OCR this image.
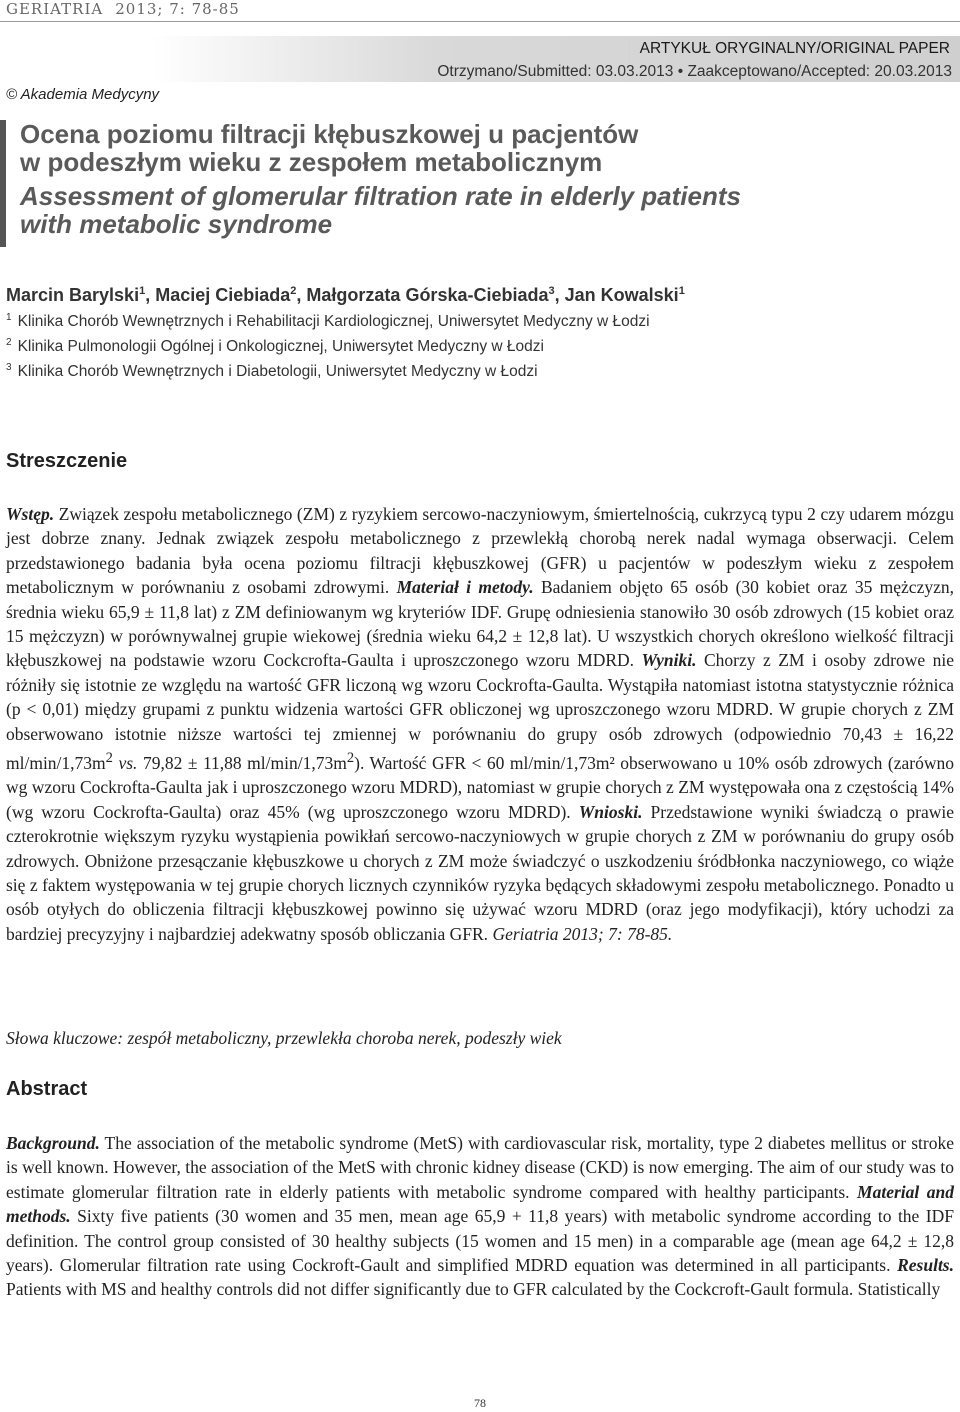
GERIATRIA 2013; 7: 78-85
ARTYKUŁ ORYGINALNY/ORIGINAL PAPER
Otrzymano/Submitted: 03.03.2013 • Zaakceptowano/Accepted: 20.03.2013
© Akademia Medycyny
Ocena poziomu filtracji kłębuszkowej u pacjentów
w podeszłym wieku z zespołem metabolicznym
Assessment of glomerular filtration rate in elderly patients
with metabolic syndrome
Marcin Barylski$^1$, Maciej Ciebiada$^2$, Małgorzata Górska-Ciebiada$^3$, Jan Kowalski$^1$
$^1$ Klinika Chorób Wewnętrznych i Rehabilitacji Kardiologicznej, Uniwersytet Medyczny w Łodzi
$^2$ Klinika Pulmonologii Ogólnej i Onkologicznej, Uniwersytet Medyczny w Łodzi
$^3$ Klinika Chorób Wewnętrznych i Diabetologii, Uniwersytet Medyczny w Łodzi
Streszczenie
Wstęp. Związek zespołu metabolicznego (ZM) z ryzykiem sercowo-naczyniowym, śmiertelnością, cukrzycą typu 2 czy udarem mózgu jest dobrze znany. Jednak związek zespołu metabolicznego z przewlekłą chorobą nerek nadal wymaga obserwacji. Celem przedstawionego badania była ocena poziomu filtracji kłębuszkowej (GFR) u pacjentów w podeszłym wieku z zespołem metabolicznym w porównaniu z osobami zdrowymi. Materiał i metody. Badaniem objęto 65 osób (30 kobiet oraz 35 mężczyzn, średnia wieku 65,9 ± 11,8 lat) z ZM definiowanym wg kryteriów IDF. Grupę odniesienia stanowiło 30 osób zdrowych (15 kobiet oraz 15 mężczyzn) w porównywalnej grupie wiekowej (średnia wieku 64,2 ± 12,8 lat). U wszystkich chorych określono wielkość filtracji kłębuszkowej na podstawie wzoru Cockcrofta-Gaulta i uproszczonego wzoru MDRD. Wyniki. Chorzy z ZM i osoby zdrowe nie różniły się istotnie ze względu na wartość GFR liczoną wg wzoru Cockrofta-Gaulta. Wystąpiła natomiast istotna statystycznie różnica (p < 0,01) między grupami z punktu widzenia wartości GFR obliczonej wg uproszczonego wzoru MDRD. W grupie chorych z ZM obserwowano istotnie niższe wartości tej zmiennej w porównaniu do grupy osób zdrowych (odpowiednio 70,43 ± 16,22 $ml/\min/1,73m^2$ vs. 79,82 ± 11,88 $ml/\min/1,73m^2$). Wartość GFR < 60 ml/min/1,73m² obserwowano u 10% osób zdrowych (zarówno wg wzoru Cockrofta-Gaulta jak i uproszczonego wzoru MDRD), natomiast w grupie chorych z ZM występowała ona z częstością 14% (wg wzoru Cockrofta-Gaulta) oraz 45% (wg uproszczonego wzoru MDRD). Wnioski. Przedstawione wyniki świadczą o prawie czterokrotnie większym ryzyku wystąpienia powikłań sercowo-naczyniowych w grupie chorych z ZM w porównaniu do grupy osób zdrowych. Obniżone przesączanie kłębuszkowe u chorych z ZM może świadczyć o uszkodzeniu śródbłonka naczyniowego, co wiąże się z faktem występowania w tej grupie chorych licznych czynników ryzyka będących składowymi zespołu metabolicznego. Ponadto u osób otyłych do obliczenia filtracji kłębuszkowej powinno się używać wzoru MDRD (oraz jego modyfikacji), który uchodzi za bardziej precyzyjny i najbardziej adekwatny sposób obliczania GFR. Geriatria 2013; 7: 78-85.
Słowa kluczowe: zespół metaboliczny, przewlekła choroba nerek, podeszły wiek
Abstract
Background. The association of the metabolic syndrome (MetS) with cardiovascular risk, mortality, type 2 diabetes mellitus or stroke is well known. However, the association of the MetS with chronic kidney disease (CKD) is now emerging. The aim of our study was to estimate glomerular filtration rate in elderly patients with metabolic syndrome compared with healthy participants. Material and methods. Sixty five patients (30 women and 35 men, mean age 65,9 + 11,8 years) with metabolic syndrome according to the IDF definition. The control group consisted of 30 healthy subjects (15 women and 15 men) in a comparable age (mean age 64,2 ± 12,8 years). Glomerular filtration rate using Cockroft-Gault and simplified MDRD equation was determined in all participants. Results. Patients with MS and healthy controls did not differ significantly due to GFR calculated by the Cockcroft-Gault formula. Statistically
78
